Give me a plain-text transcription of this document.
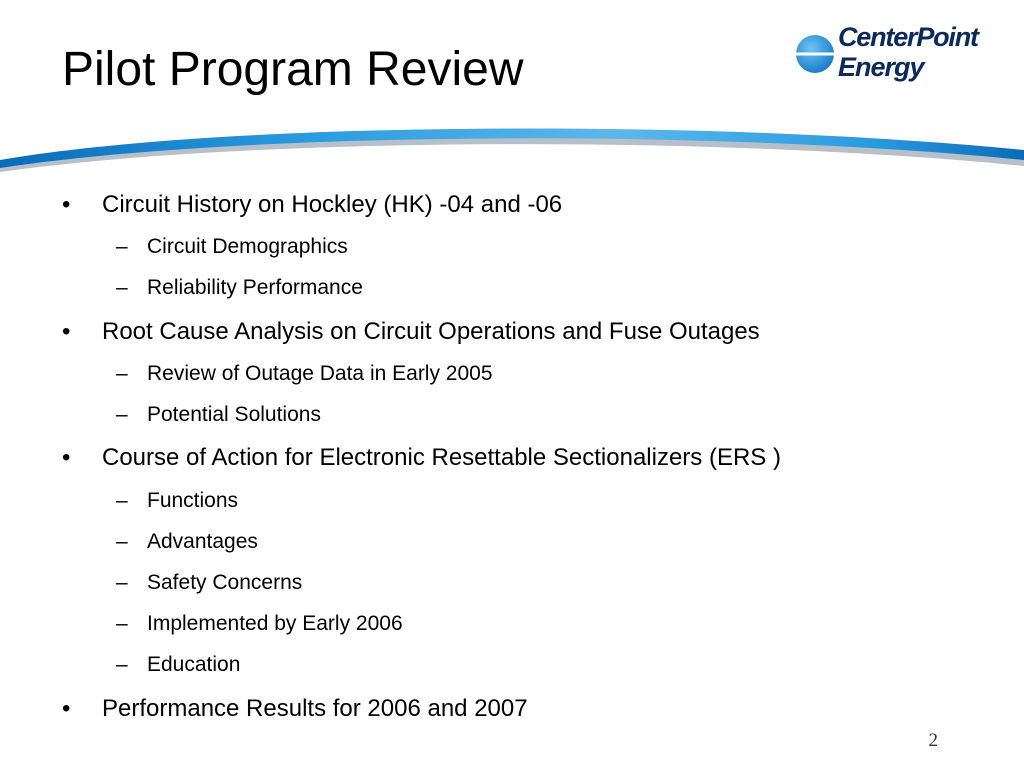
Pilot Program Review
CenterPoint
Energy
•	Circuit History on Hockley (HK) -04 and -06
– Circuit Demographics
– Reliability Performance
•	Root Cause Analysis on Circuit Operations and Fuse Outages
– Review of Outage Data in Early 2005
– Potential Solutions
•	Course of Action for Electronic Resettable Sectionalizers (ERS )
– Functions
– Advantages
– Safety Concerns
– Implemented by Early 2006
– Education
•	Performance Results for 2006 and 2007
2
